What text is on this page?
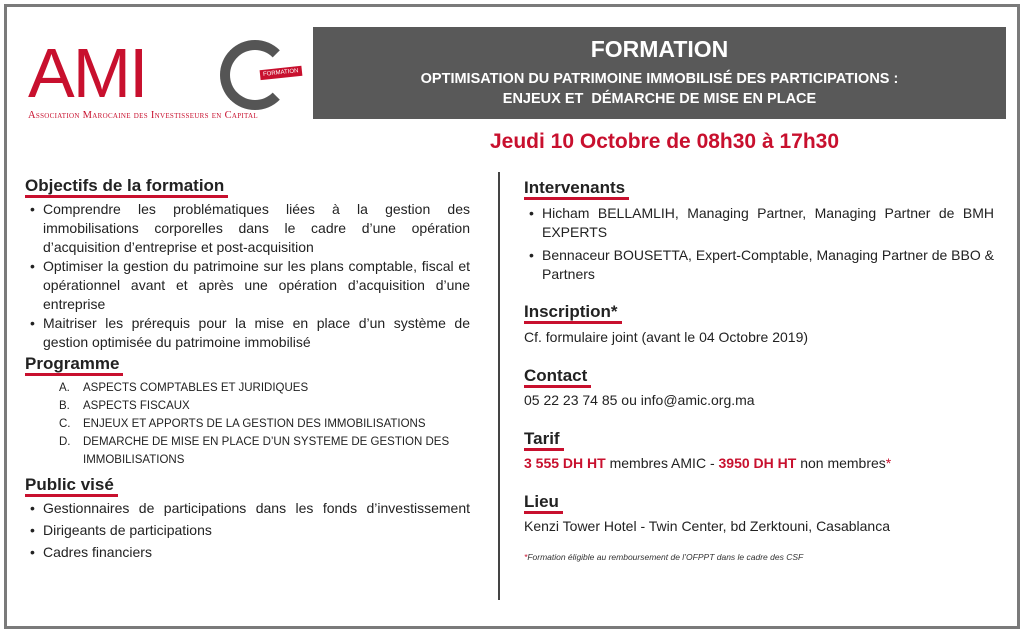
AMI	FORMATION
Association Marocaine des Investisseurs en Capital
FORMATION
OPTIMISATION DU PATRIMOINE IMMOBILISÉ DES PARTICIPATIONS :
ENJEUX ET  DÉMARCHE DE MISE EN PLACE
Jeudi 10 Octobre de 08h30 à 17h30
Objectifs de la formation
• Comprendre les problématiques liées à la gestion des immobilisations corporelles dans le cadre d’une opération d’acquisition d’entreprise et post-acquisition
• Optimiser la gestion du patrimoine sur les plans comptable, fiscal et opérationnel avant et après une opération d’acquisition d’une entreprise
• Maitriser les prérequis pour la mise en place d’un système de gestion optimisée du patrimoine immobilisé
Programme
A. ASPECTS COMPTABLES ET JURIDIQUES
B. ASPECTS FISCAUX
C. ENJEUX ET APPORTS DE LA GESTION DES IMMOBILISATIONS
D. DEMARCHE DE MISE EN PLACE D’UN SYSTEME DE GESTION DES IMMOBILISATIONS
Public visé
• Gestionnaires de participations dans les fonds d’investissement
• Dirigeants de participations
• Cadres financiers
Intervenants
• Hicham BELLAMLIH, Managing Partner, Managing Partner de BMH EXPERTS
• Bennaceur BOUSETTA, Expert-Comptable, Managing Partner de BBO & Partners
Inscription*
Cf. formulaire joint (avant le 04 Octobre 2019)
Contact
05 22 23 74 85 ou info@amic.org.ma
Tarif
3 555 DH HT membres AMIC - 3950 DH HT non membres*
Lieu
Kenzi Tower Hotel - Twin Center, bd Zerktouni, Casablanca
*Formation éligible au remboursement de l’OFPPT dans le cadre des CSF
